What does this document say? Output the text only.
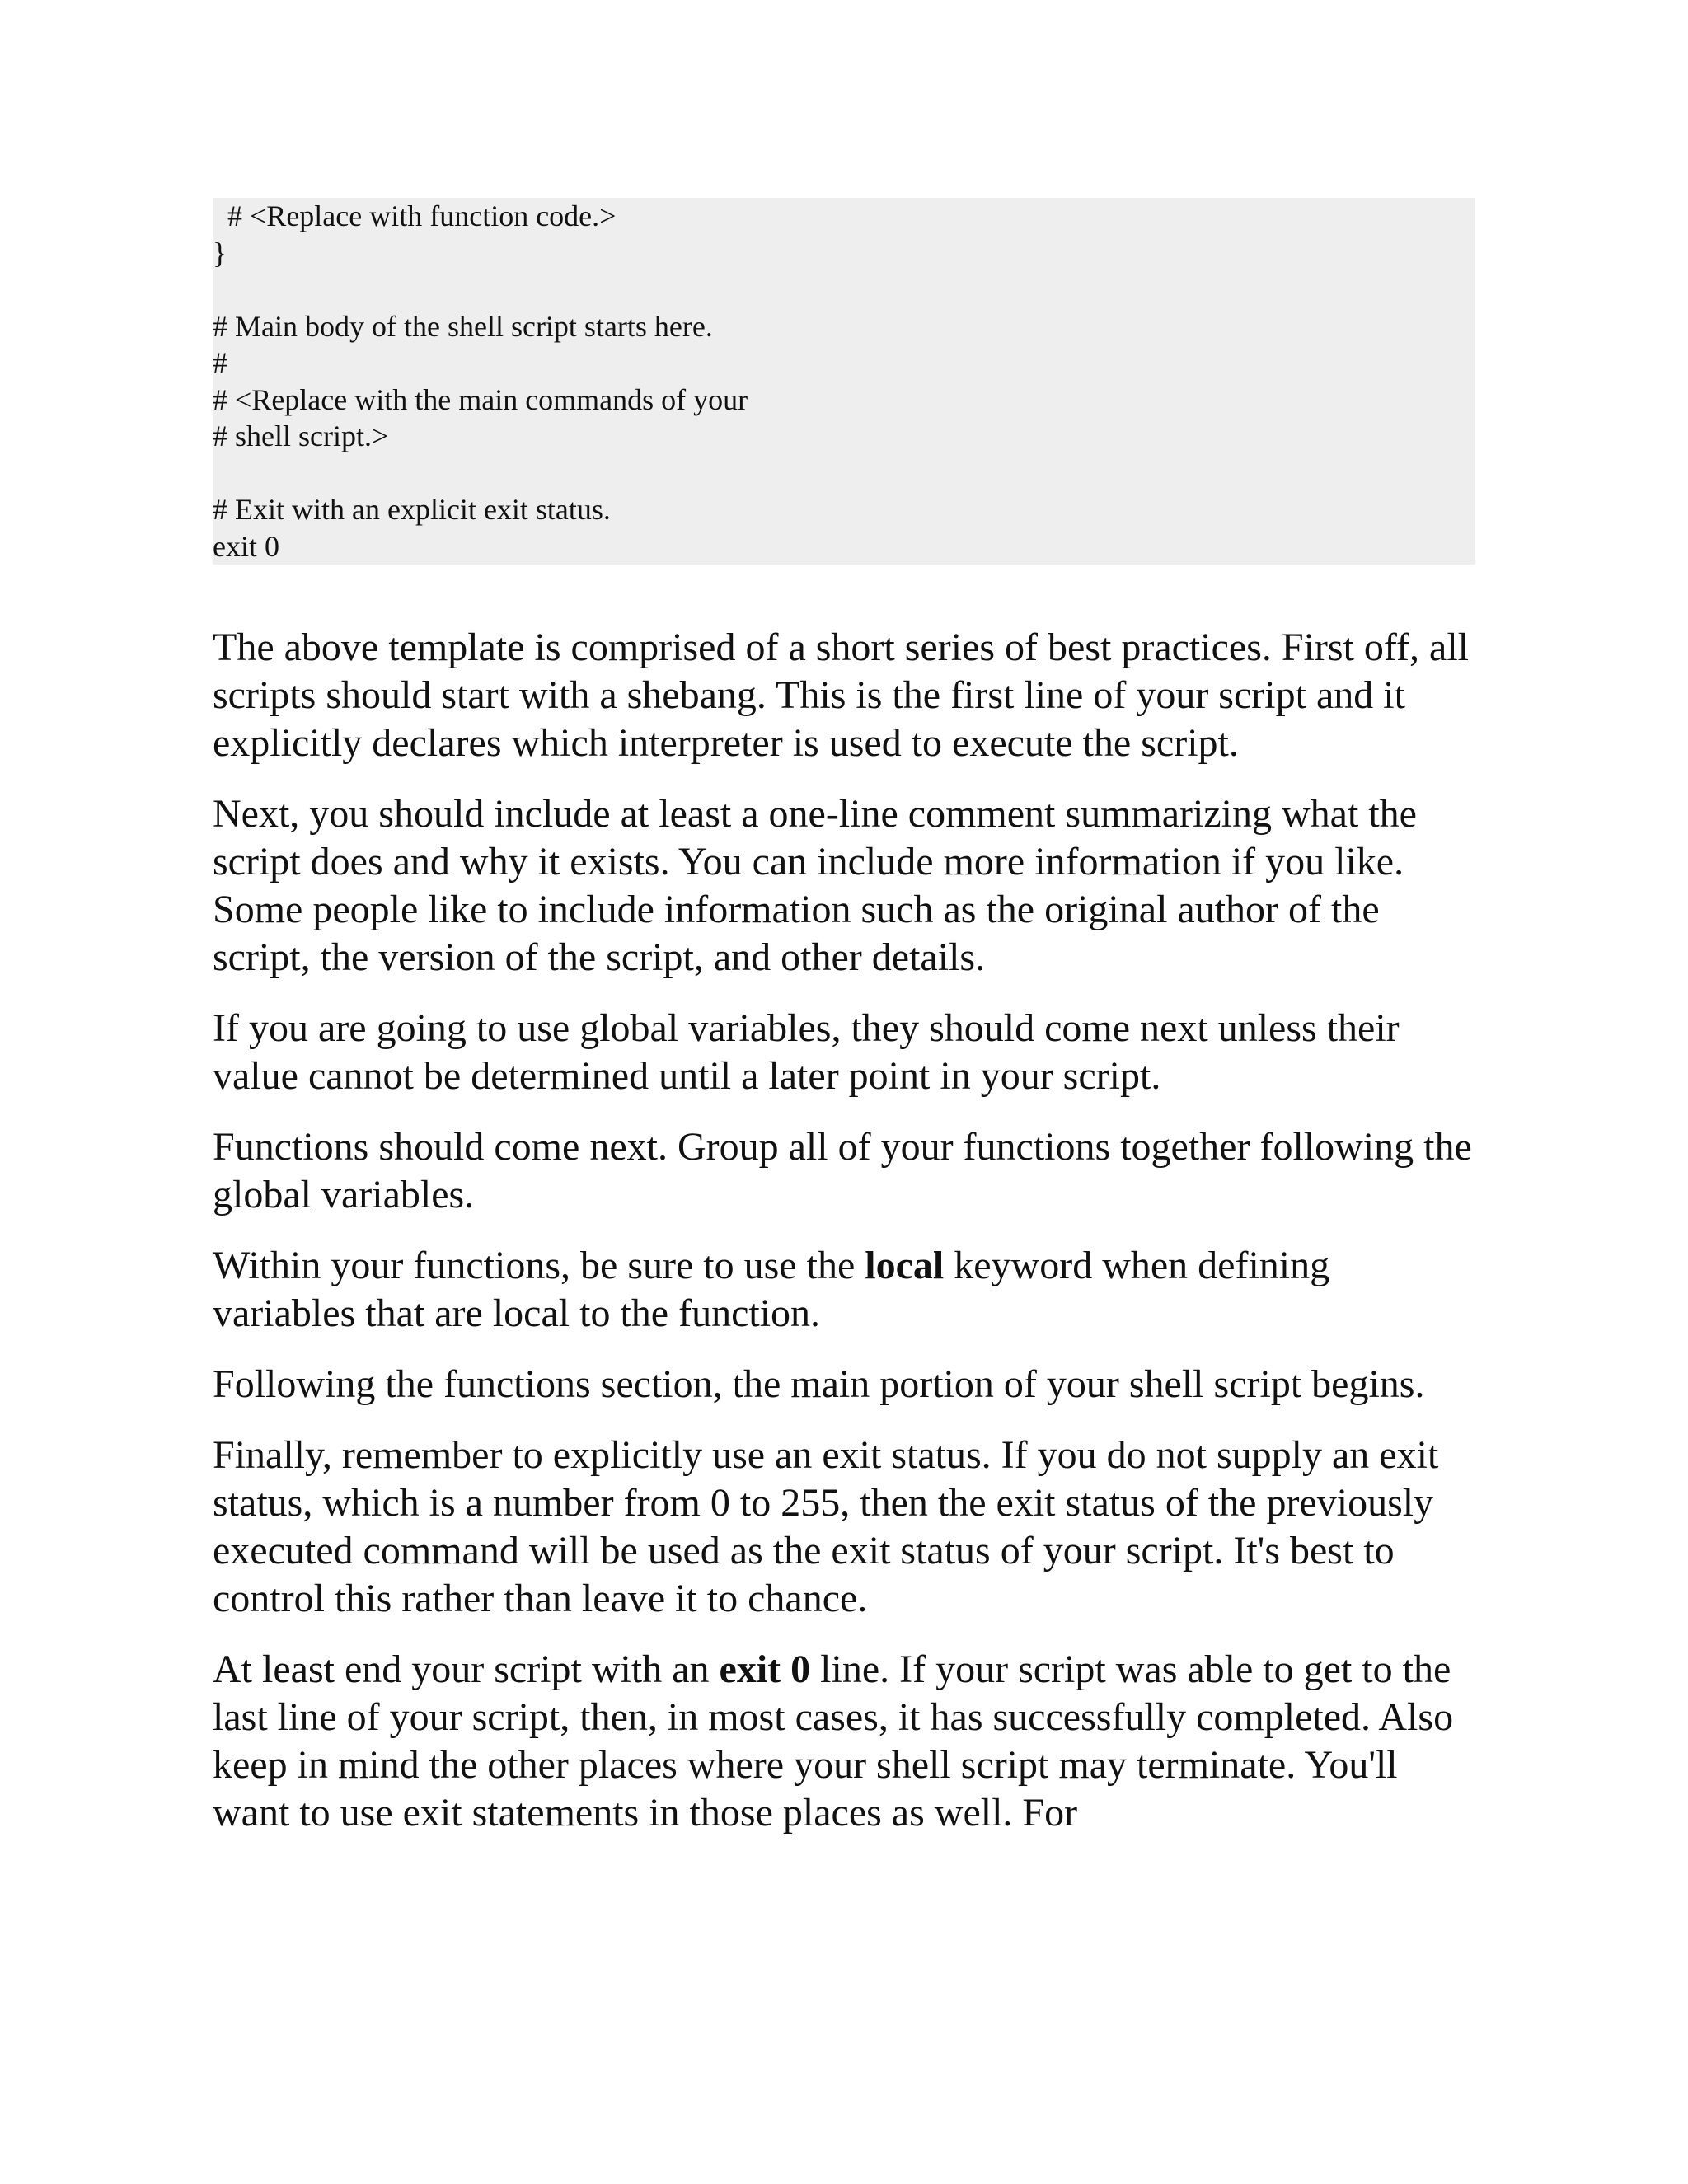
# <Replace with function code.>
}
# Main body of the shell script starts here.
#
# <Replace with the main commands of your
# shell script.>
# Exit with an explicit exit status.
exit 0

The above template is comprised of a short series of best practices. First off, all scripts should start with a shebang. This is the first line of your script and it explicitly declares which interpreter is used to execute the script.

Next, you should include at least a one-line comment summarizing what the script does and why it exists. You can include more information if you like. Some people like to include information such as the original author of the script, the version of the script, and other details.

If you are going to use global variables, they should come next unless their value cannot be determined until a later point in your script.

Functions should come next. Group all of your functions together following the global variables.

Within your functions, be sure to use the local keyword when defining variables that are local to the function.

Following the functions section, the main portion of your shell script begins.

Finally, remember to explicitly use an exit status. If you do not supply an exit status, which is a number from 0 to 255, then the exit status of the previously executed command will be used as the exit status of your script. It's best to control this rather than leave it to chance.

At least end your script with an exit 0 line. If your script was able to get to the last line of your script, then, in most cases, it has successfully completed. Also keep in mind the other places where your shell script may terminate. You'll want to use exit statements in those places as well. For
